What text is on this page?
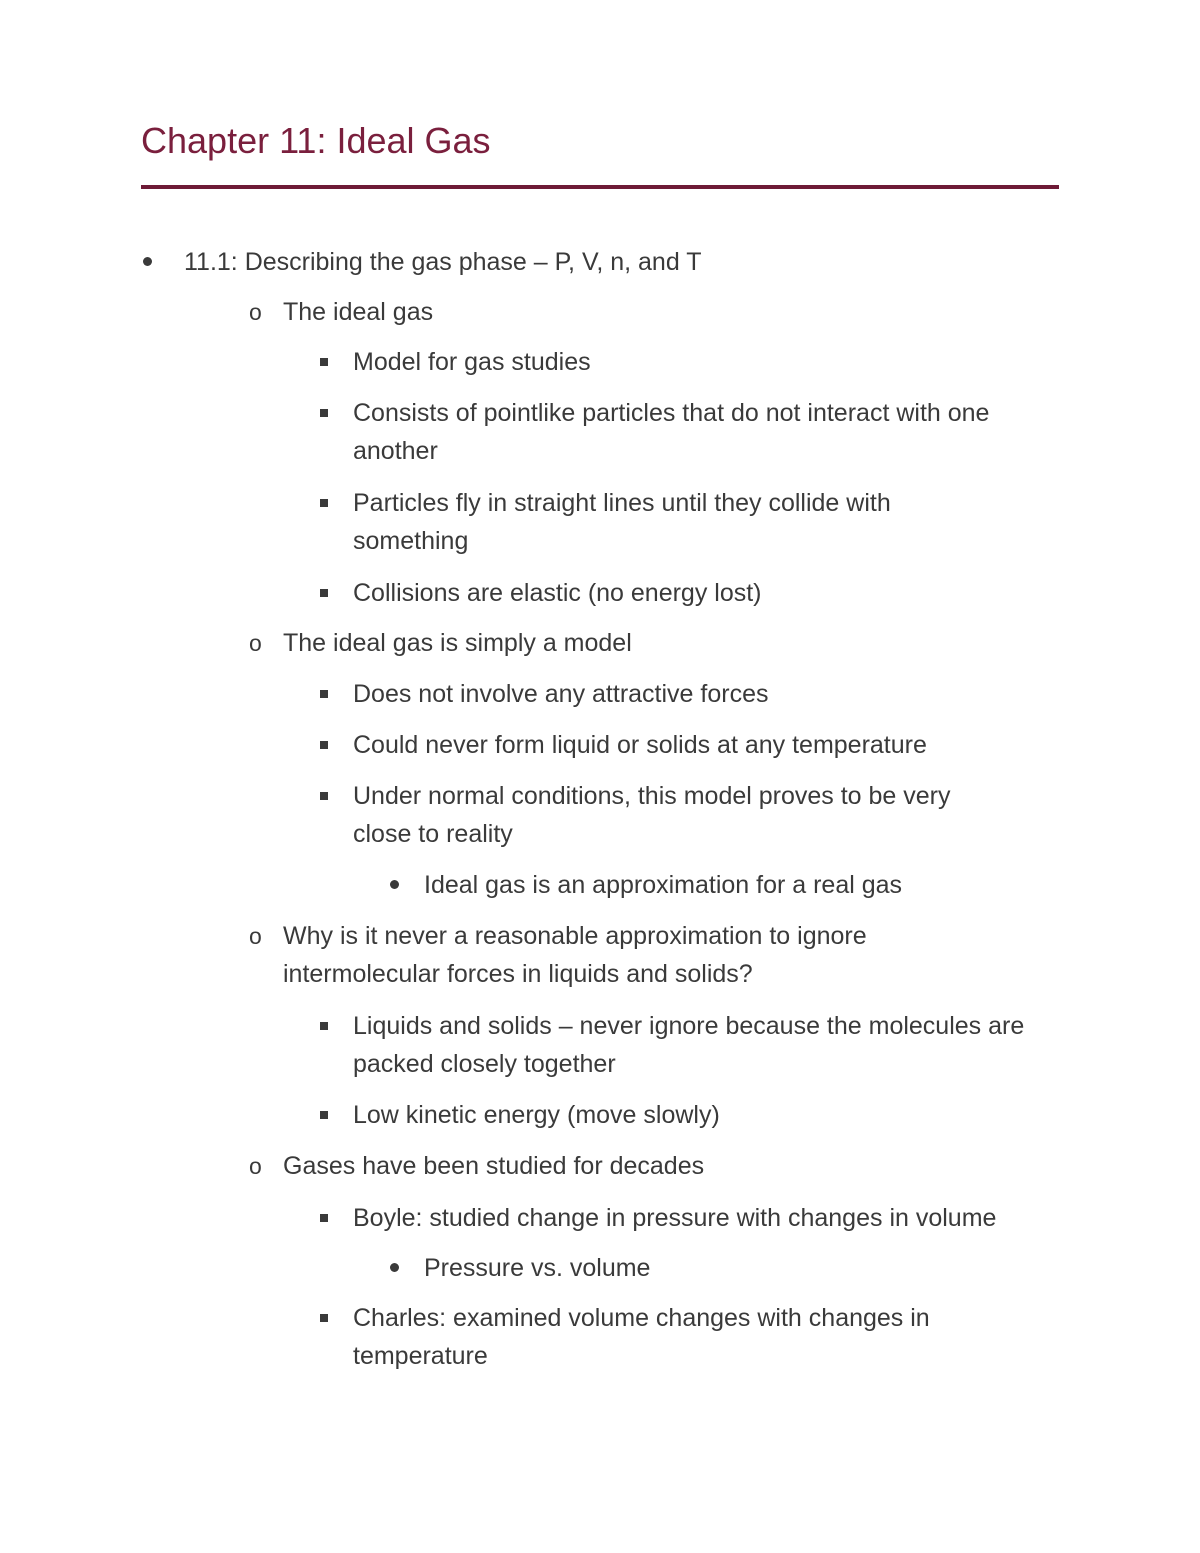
Chapter 11: Ideal Gas
11.1: Describing the gas phase – P, V, n, and T
o The ideal gas
Model for gas studies
Consists of pointlike particles that do not interact with one another
Particles fly in straight lines until they collide with something
Collisions are elastic (no energy lost)
o The ideal gas is simply a model
Does not involve any attractive forces
Could never form liquid or solids at any temperature
Under normal conditions, this model proves to be very close to reality
Ideal gas is an approximation for a real gas
o Why is it never a reasonable approximation to ignore intermolecular forces in liquids and solids?
Liquids and solids – never ignore because the molecules are packed closely together
Low kinetic energy (move slowly)
o Gases have been studied for decades
Boyle: studied change in pressure with changes in volume
Pressure vs. volume
Charles: examined volume changes with changes in temperature
